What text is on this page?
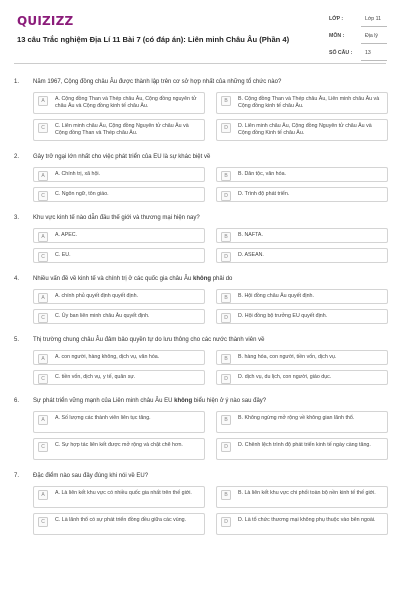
QUIZIZZ
13 câu Trắc nghiệm Địa Lí 11 Bài 7 (có đáp án): Liên minh Châu Âu (Phần 4)
LỚP :	Lớp 11
MÔN :	Địa lý
SỐ CÂU : 13
1. Năm 1967, Cộng đồng châu Âu được thành lập trên cơ sở hợp nhất của những tổ chức nào?
A	A. Cộng đồng Than và Thép châu Âu, Cộng đồng nguyên tử châu Âu và Cộng đồng kinh tế châu Âu.
B	B. Cộng đồng Than và Thép châu Âu, Liên minh châu Âu và Cộng đồng kinh tế châu Âu.
C	C. Liên minh châu Âu, Cộng đồng Nguyên tử châu Âu và Cộng đồng Than và Thép châu Âu.
D	D. Liên minh châu Âu, Cộng đồng Nguyên tử châu Âu và Cộng đồng Kinh tế châu Âu.
2. Gây trở ngại lớn nhất cho việc phát triển của EU là sự khác biệt về
A	A. Chính trị, xã hội.	B	B. Dân tộc, văn hóa.
C	C. Ngôn ngữ, tôn giáo.	D	D. Trình độ phát triển.
3. Khu vực kinh tế nào dẫn đầu thế giới và thương mại hiện nay?
A	A. APEC.	B	B. NAFTA.
C	C. EU.	D	D. ASEAN.
4. Nhiều vấn đề về kinh tế và chính trị ở các quốc gia châu Âu không phải do
A	A. chính phủ quyết định quyết định.	B	B. Hội đồng châu Âu quyết định.
C	C. Ủy ban liên minh châu Âu quyết định.	D	D. Hội đồng bộ trưởng EU quyết định.
5. Thị trường chung châu Âu đảm bảo quyền tự do lưu thông cho các nước thành viên về
A	A. con người, hàng không, dịch vụ, văn hóa.	B	B. hàng hóa, con người, tiền vốn, dịch vụ.
C	C. tiền vốn, dịch vụ, y tế, quân sự.	D	D. dịch vụ, du lịch, con người, giáo dục.
6. Sự phát triển vững mạnh của Liên minh châu Âu EU không biểu hiện ở ý nào sau đây?
A	A. Số lượng các thành viên liên tục tăng.	B	B. Không ngừng mở rộng về không gian lãnh thổ.
C	C. Sự hợp tác liên kết được mở rộng và chặt chẽ hơn.	D	D. Chênh lệch trình độ phát triển kinh tế ngày càng tăng.
7. Đặc điểm nào sau đây đúng khi nói về EU?
A	A. Là liên kết khu vực có nhiều quốc gia nhất trên thế giới.	B	B. Là liên kết khu vực chi phối toàn bộ nền kinh tế thế giới.
C	C. Là lãnh thổ có sự phát triển đồng đều giữa các vùng.	D	D. Là tổ chức thương mại không phụ thuộc vào bên ngoài.
